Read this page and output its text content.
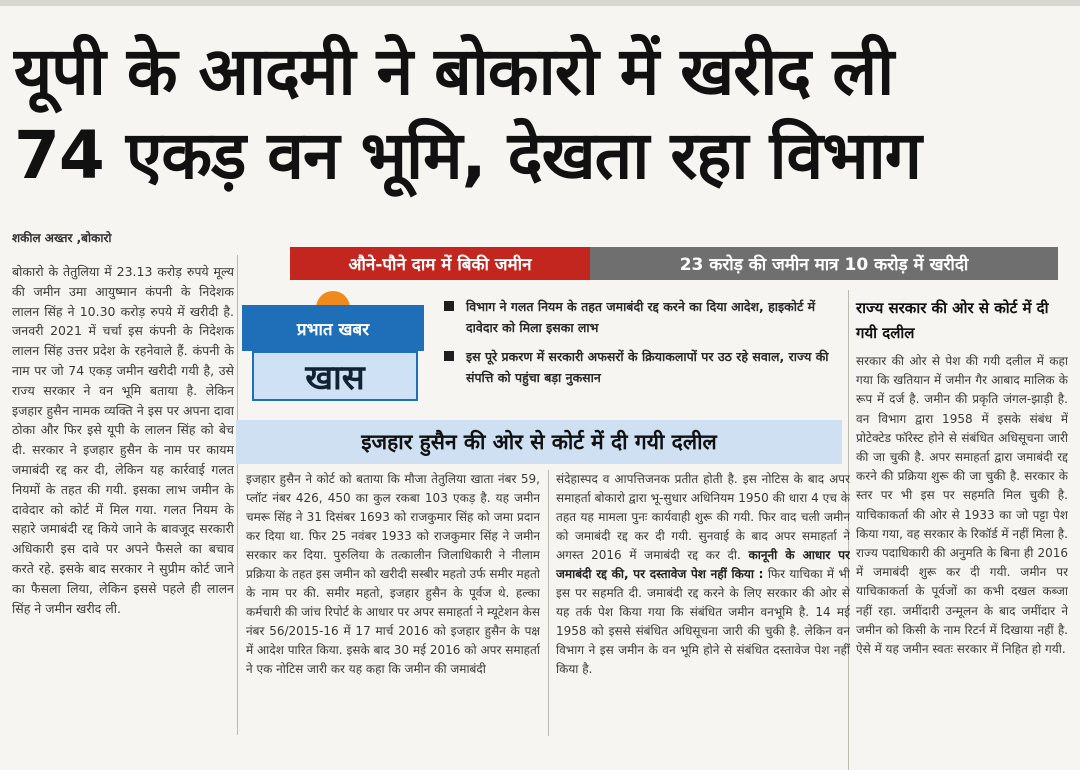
यूपी के आदमी ने बोकारो में खरीद ली
74 एकड़ वन भूमि, देखता रहा विभाग
शकील अख्तर ,बोकारो
बोकारो के तेतुलिया में 23.13 करोड़ रुपये मूल्य की जमीन उमा आयुष्मान कंपनी के निदेशक लालन सिंह ने 10.30 करोड़ रुपये में खरीदी है. जनवरी 2021 में चर्चा इस कंपनी के निदेशक लालन सिंह उत्तर प्रदेश के रहनेवाले हैं. कंपनी के नाम पर जो 74 एकड़ जमीन खरीदी गयी है, उसे राज्य सरकार ने वन भूमि बताया है. लेकिन इजहार हुसैन नामक व्यक्ति ने इस पर अपना दावा ठोका और फिर इसे यूपी के लालन सिंह को बेच दी. सरकार ने इजहार हुसैन के नाम पर कायम जमाबंदी रद्द कर दी, लेकिन यह कार्रवाई गलत नियमों के तहत की गयी. इसका लाभ जमीन के दावेदार को कोर्ट में मिल गया. गलत नियम के सहारे जमाबंदी रद्द किये जाने के बावजूद सरकारी अधिकारी इस दावे पर अपने फैसले का बचाव करते रहे. इसके बाद सरकार ने सुप्रीम कोर्ट जाने का फैसला लिया, लेकिन इससे पहले ही लालन सिंह ने जमीन खरीद ली.
औने-पौने दाम में बिकी जमीन	23 करोड़ की जमीन मात्र 10 करोड़ में खरीदी
प्रभात खबर
खास
विभाग ने गलत नियम के तहत जमाबंदी रद्द करने का दिया आदेश, हाइकोर्ट में दावेदार को मिला इसका लाभ
इस पूरे प्रकरण में सरकारी अफसरों के क्रियाकलापों पर उठ रहे सवाल, राज्य की संपत्ति को पहुंचा बड़ा नुकसान
राज्य सरकार की ओर से कोर्ट में दी गयी दलील
सरकार की ओर से पेश की गयी दलील में कहा गया कि खतियान में जमीन गैर आबाद मालिक के रूप में दर्ज है. जमीन की प्रकृति जंगल-झाड़ी है. वन विभाग द्वारा 1958 में इसके संबंध में प्रोटेक्टेड फॉरेस्ट होने से संबंधित अधिसूचना जारी की जा चुकी है. अपर समाहर्ता द्वारा जमाबंदी रद्द करने की प्रक्रिया शुरू की जा चुकी है. सरकार के स्तर पर भी इस पर सहमति मिल चुकी है. याचिकाकर्ता की ओर से 1933 का जो पट्टा पेश किया गया, वह सरकार के रिकॉर्ड में नहीं मिला है. राज्य पदाधिकारी की अनुमति के बिना ही 2016 में जमाबंदी शुरू कर दी गयी. जमीन पर याचिकाकर्ता के पूर्वजों का कभी दखल कब्जा नहीं रहा. जमींदारी उन्मूलन के बाद जमींदार ने जमीन को किसी के नाम रिटर्न में दिखाया नहीं है. ऐसे में यह जमीन स्वतः सरकार में निहित हो गयी.
इजहार हुसैन की ओर से कोर्ट में दी गयी दलील
इजहार हुसैन ने कोर्ट को बताया कि मौजा तेतुलिया खाता नंबर 59, प्लॉट नंबर 426, 450 का कुल रकबा 103 एकड़ है. यह जमीन चमरू सिंह ने 31 दिसंबर 1693 को राजकुमार सिंह को जमा प्रदान कर दिया था. फिर 25 नवंबर 1933 को राजकुमार सिंह ने जमीन सरकार कर दिया. पुरुलिया के तत्कालीन जिलाधिकारी ने नीलाम प्रक्रिया के तहत इस जमीन को खरीदी सस्बीर महतो उर्फ समीर महतो के नाम पर की. समीर महतो, इजहार हुसैन के पूर्वज थे. हल्का कर्मचारी की जांच रिपोर्ट के आधार पर अपर समाहर्ता ने म्यूटेशन केस नंबर 56/2015-16 में 17 मार्च 2016 को इजहार हुसैन के पक्ष में आदेश पारित किया. इसके बाद 30 मई 2016 को अपर समाहर्ता ने एक नोटिस जारी कर यह कहा कि जमीन की जमाबंदी
संदेहास्पद व आपत्तिजनक प्रतीत होती है. इस नोटिस के बाद अपर समाहर्ता बोकारो द्वारा भू-सुधार अधिनियम 1950 की धारा 4 एच के तहत यह मामला पुनः कार्यवाही शुरू की गयी. फिर वाद चली जमीन को जमाबंदी रद्द कर दी गयी. सुनवाई के बाद अपर समाहर्ता ने अगस्त 2016 में जमाबंदी रद्द कर दी. कानूनी के आधार पर जमाबंदी रद्द की, पर दस्तावेज पेश नहीं किया : फिर याचिका में भी इस पर सहमति दी. जमाबंदी रद्द करने के लिए सरकार की ओर से यह तर्क पेश किया गया कि संबंधित जमीन वनभूमि है. 14 मई 1958 को इससे संबंधित अधिसूचना जारी की चुकी है. लेकिन वन विभाग ने इस जमीन के वन भूमि होने से संबंधित दस्तावेज पेश नहीं किया है.
